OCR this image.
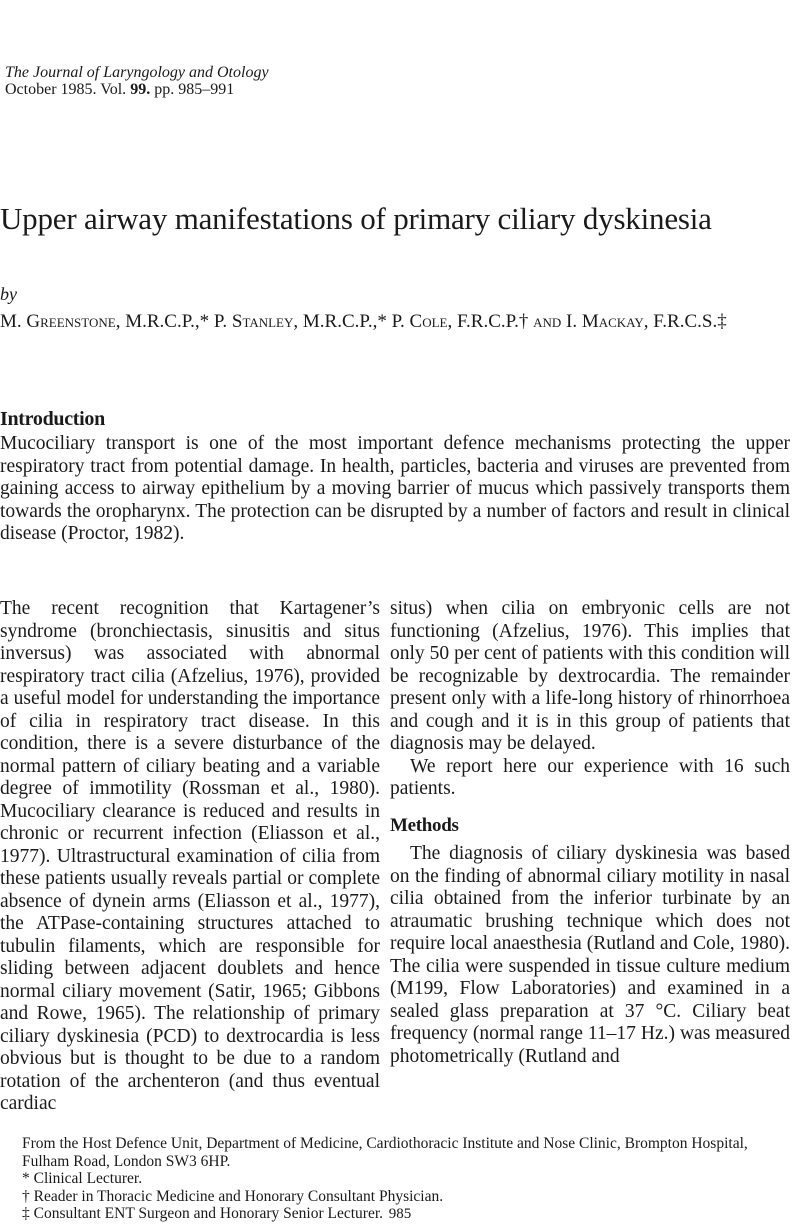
The Journal of Laryngology and Otology
October 1985. Vol. 99. pp. 985–991
Upper airway manifestations of primary ciliary dyskinesia
by
M. Greenstone, M.R.C.P.,* P. Stanley, M.R.C.P.,* P. Cole, F.R.C.P.† and I. Mackay, F.R.C.S.‡
Introduction

Mucociliary transport is one of the most important defence mechanisms protecting the upper respiratory tract from potential damage. In health, particles, bacteria and viruses are prevented from gaining access to airway epithelium by a moving barrier of mucus which passively transports them towards the oropharynx. The protection can be disrupted by a number of factors and result in clinical disease (Proctor, 1982).

The recent recognition that Kartagener’s syndrome (bronchiectasis, sinusitis and situs inversus) was associated with abnormal respiratory tract cilia (Afzelius, 1976), provided a useful model for understanding the importance of cilia in respiratory tract disease. In this condition, there is a severe disturbance of the normal pattern of ciliary beating and a variable degree of immotility (Rossman et al., 1980). Mucociliary clearance is reduced and results in chronic or recurrent infection (Eliasson et al., 1977). Ultrastructural examination of cilia from these patients usually reveals partial or complete absence of dynein arms (Eliasson et al., 1977), the ATPase-containing structures attached to tubulin filaments, which are responsible for sliding between adjacent doublets and hence normal ciliary movement (Satir, 1965; Gibbons and Rowe, 1965). The relationship of primary ciliary dyskinesia (PCD) to dextrocardia is less obvious but is thought to be due to a random rotation of the archenteron (and thus eventual cardiac

situs) when cilia on embryonic cells are not functioning (Afzelius, 1976). This implies that only 50 per cent of patients with this condition will be recognizable by dextrocardia. The remainder present only with a life-long history of rhinorrhoea and cough and it is in this group of patients that diagnosis may be delayed.

We report here our experience with 16 such patients.

Methods

The diagnosis of ciliary dyskinesia was based on the finding of abnormal ciliary motility in nasal cilia obtained from the inferior turbinate by an atraumatic brushing technique which does not require local anaesthesia (Rutland and Cole, 1980). The cilia were suspended in tissue culture medium (M199, Flow Laboratories) and examined in a sealed glass preparation at 37 °C. Ciliary beat frequency (normal range 11–17 Hz.) was measured photometrically (Rutland and

From the Host Defence Unit, Department of Medicine, Cardiothoracic Institute and Nose Clinic, Brompton Hospital, Fulham Road, London SW3 6HP.

* Clinical Lecturer.

† Reader in Thoracic Medicine and Honorary Consultant Physician.

‡ Consultant ENT Surgeon and Honorary Senior Lecturer. 985
